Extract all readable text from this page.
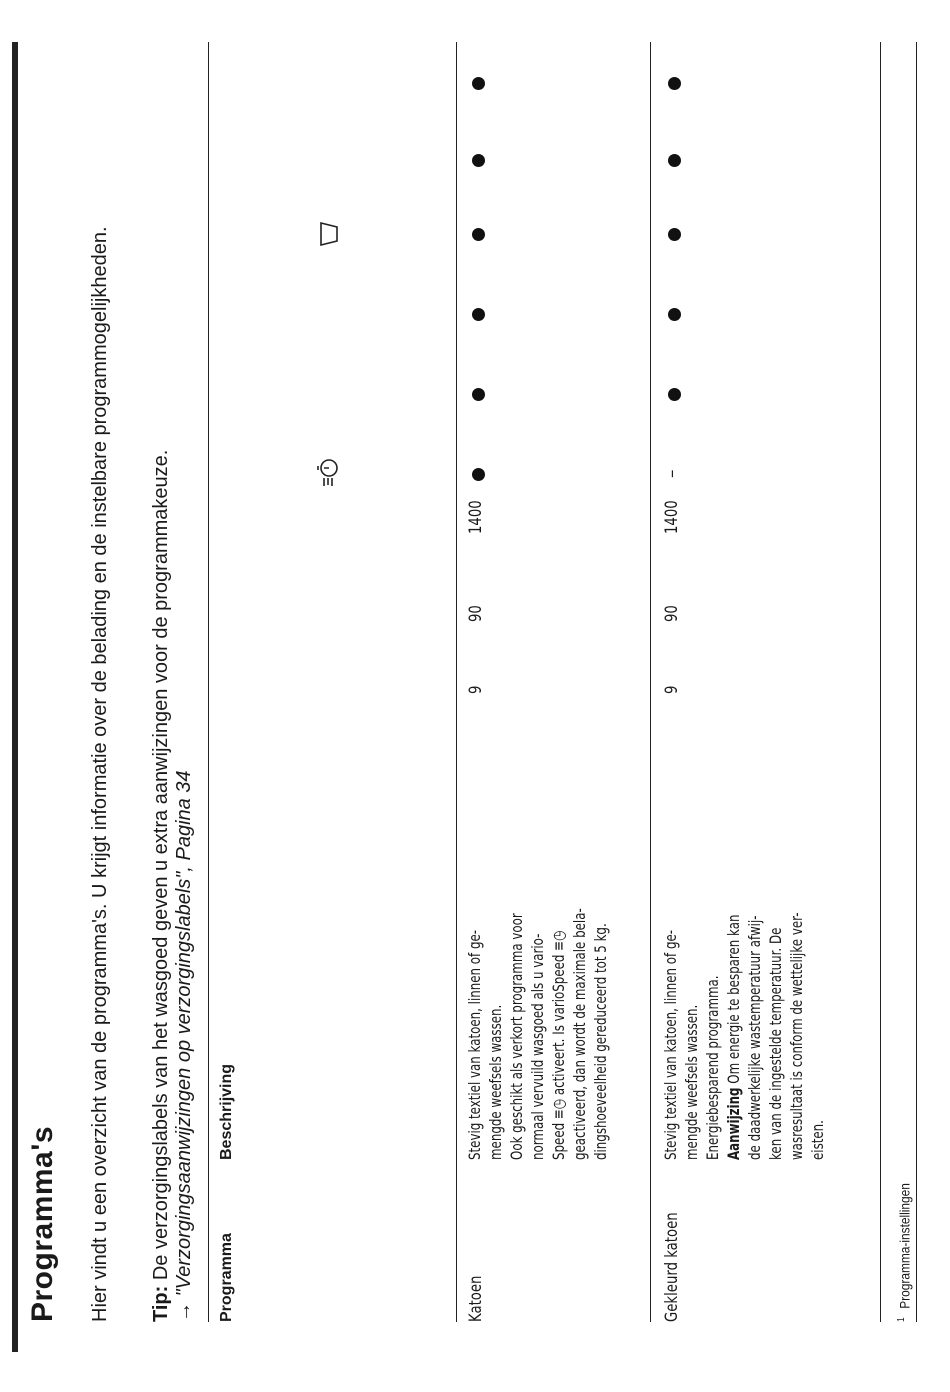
Programma's Hier vindt u een overzicht van de programma's. U krijgt informatie over de belading en de instelbare programmogelijkheden. Tip: De verzorgingslabels van het wasgoed geven u extra aanwijzingen voor de programmakeuze.
→ "Verzorgingsaanwijzingen op verzorgingslabels", Pagina 34 Programma
Beschrijving
Katoen
Stevig textiel van katoen, linnen of ge- mengde weefsels wassen. Ook geschikt als verkort programma voor normaal vervuild wasgoed als u vario- Speed ≡◷ activeert. Is varioSpeed ≡◷ geactiveerd, dan wordt de maximale bela- dingshoeveelheid gereduceerd tot 5 kg.
9
90
1400
Gekleurd katoen
Stevig textiel van katoen, linnen of ge- mengde weefsels wassen. Energiebesparend programma. Aanwijzing Om energie te besparen kan de daadwerkelijke wastemperatuur afwij- ken van de ingestelde temperatuur. De wasresultaat is conform de wettelijke ver- eisten.
9
90
1400
–
$^1$Programma-instellingen
